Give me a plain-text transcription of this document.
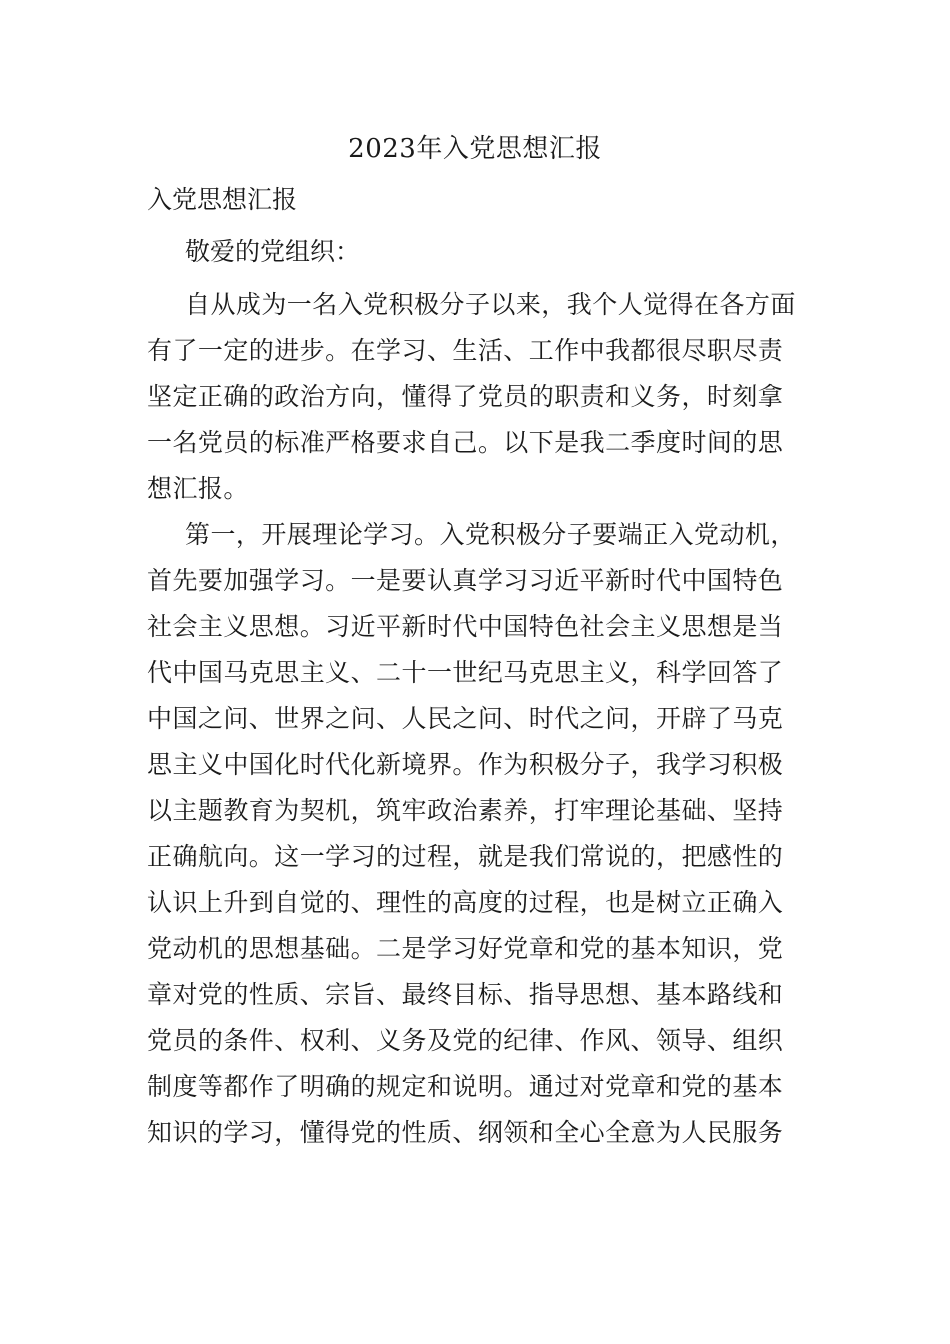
2023年入党思想汇报
入党思想汇报
敬爱的党组织：
自从成为一名入党积极分子以来，我个人觉得在各方面
有了一定的进步。在学习、生活、工作中我都很尽职尽责
坚定正确的政治方向，懂得了党员的职责和义务，时刻拿
一名党员的标准严格要求自己。以下是我二季度时间的思
想汇报。
第一，开展理论学习。入党积极分子要端正入党动机，
首先要加强学习。一是要认真学习习近平新时代中国特色
社会主义思想。习近平新时代中国特色社会主义思想是当
代中国马克思主义、二十一世纪马克思主义，科学回答了
中国之问、世界之问、人民之问、时代之问，开辟了马克
思主义中国化时代化新境界。作为积极分子，我学习积极
以主题教育为契机，筑牢政治素养，打牢理论基础、坚持
正确航向。这一学习的过程，就是我们常说的，把感性的
认识上升到自觉的、理性的高度的过程，也是树立正确入
党动机的思想基础。二是学习好党章和党的基本知识，党
章对党的性质、宗旨、最终目标、指导思想、基本路线和
党员的条件、权利、义务及党的纪律、作风、领导、组织
制度等都作了明确的规定和说明。通过对党章和党的基本
知识的学习，懂得党的性质、纲领和全心全意为人民服务
